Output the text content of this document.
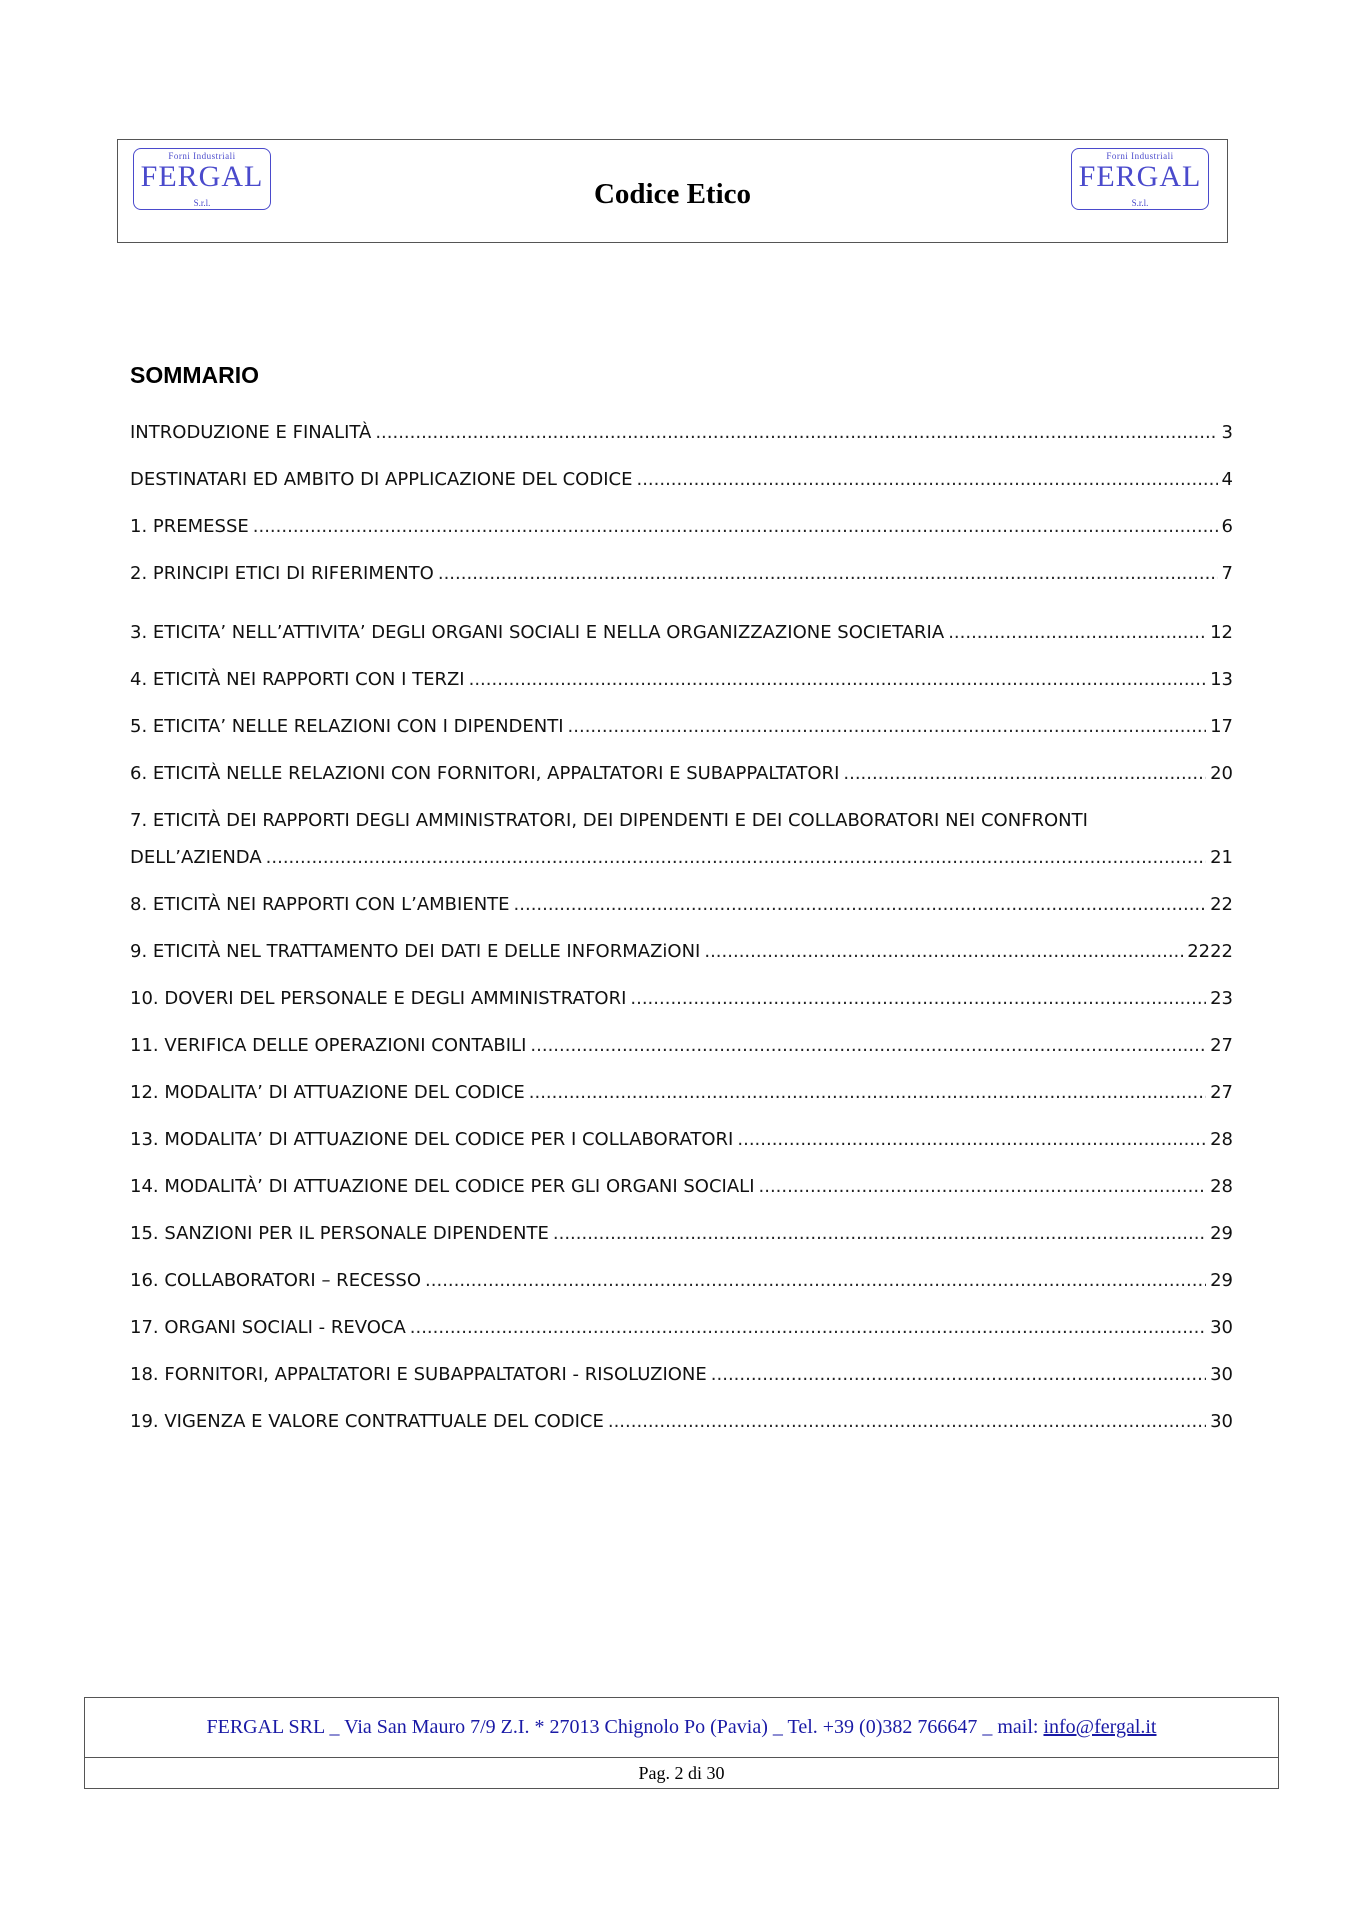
Forni Industriali
FERGAL
S.r.l.	Codice Etico
Forni Industriali
FERGAL
S.r.l.
SOMMARIO
INTRODUZIONE E FINALITÀ .....	3
DESTINATARI ED AMBITO DI APPLICAZIONE DEL CODICE .....	4
1. PREMESSE .....	6
2. PRINCIPI ETICI DI RIFERIMENTO .....	7
3. ETICITA’ NELL’ATTIVITA’ DEGLI ORGANI SOCIALI E NELLA ORGANIZZAZIONE SOCIETARIA .....	12
4. ETICITÀ NEI RAPPORTI CON I TERZI .....	13
5. ETICITA’ NELLE RELAZIONI CON I DIPENDENTI .....	17
6. ETICITÀ NELLE RELAZIONI CON FORNITORI, APPALTATORI E SUBAPPALTATORI .....	20
7. ETICITÀ DEI RAPPORTI DEGLI AMMINISTRATORI, DEI DIPENDENTI E DEI COLLABORATORI NEI CONFRONTI
DELL’AZIENDA .....	21
8. ETICITÀ NEI RAPPORTI CON L’AMBIENTE .....	22
9. ETICITÀ NEL TRATTAMENTO DEI DATI E DELLE INFORMAZiONI .....	2222
10. DOVERI DEL PERSONALE E DEGLI AMMINISTRATORI .....	23
11. VERIFICA DELLE OPERAZIONI CONTABILI .....	27
12. MODALITA’ DI ATTUAZIONE DEL CODICE .....	27
13. MODALITA’ DI ATTUAZIONE DEL CODICE PER I COLLABORATORI .....	28
14. MODALITÀ’ DI ATTUAZIONE DEL CODICE PER GLI ORGANI SOCIALI .....	28
15. SANZIONI PER IL PERSONALE DIPENDENTE .....	29
16. COLLABORATORI – RECESSO .....	29
17. ORGANI SOCIALI - REVOCA .....	30
18. FORNITORI, APPALTATORI E SUBAPPALTATORI - RISOLUZIONE .....	30
19. VIGENZA E VALORE CONTRATTUALE DEL CODICE .....	30
FERGAL SRL _ Via San Mauro 7/9 Z.I. * 27013 Chignolo Po (Pavia) _ Tel. +39 (0)382 766647 _ mail: info@fergal.it
Pag. 2 di 30
